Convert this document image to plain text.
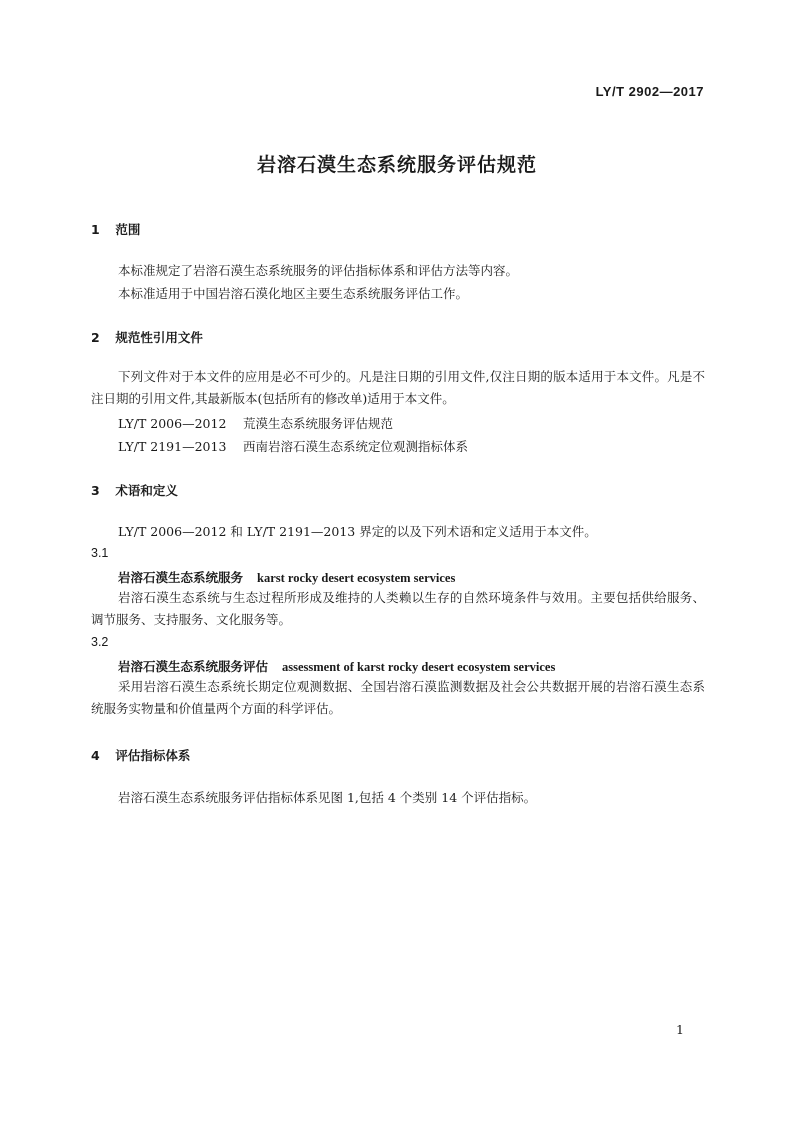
LY/T 2902—2017
岩溶石漠生态系统服务评估规范
1 范围
本标准规定了岩溶石漠生态系统服务的评估指标体系和评估方法等内容。
本标准适用于中国岩溶石漠化地区主要生态系统服务评估工作。
2 规范性引用文件
下列文件对于本文件的应用是必不可少的。凡是注日期的引用文件,仅注日期的版本适用于本文件。凡是不注日期的引用文件,其最新版本(包括所有的修改单)适用于本文件。
LY/T 2006—2012 荒漠生态系统服务评估规范
LY/T 2191—2013 西南岩溶石漠生态系统定位观测指标体系
3 术语和定义
LY/T 2006—2012 和 LY/T 2191—2013 界定的以及下列术语和定义适用于本文件。
3.1
岩溶石漠生态系统服务 karst rocky desert ecosystem services
岩溶石漠生态系统与生态过程所形成及维持的人类赖以生存的自然环境条件与效用。主要包括供给服务、调节服务、支持服务、文化服务等。
3.2
岩溶石漠生态系统服务评估 assessment of karst rocky desert ecosystem services
采用岩溶石漠生态系统长期定位观测数据、全国岩溶石漠监测数据及社会公共数据开展的岩溶石漠生态系统服务实物量和价值量两个方面的科学评估。
4 评估指标体系
岩溶石漠生态系统服务评估指标体系见图 1,包括 4 个类别 14 个评估指标。
1
